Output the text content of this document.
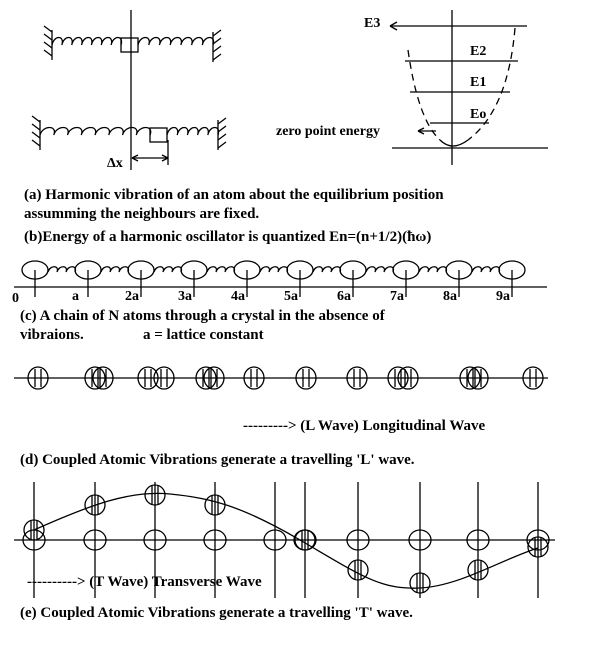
Δx
E3
E2
E1
Eo
zero point energy
0	a	2a	3a	4a	5a	6a	7a	8a	9a
(a) Harmonic vibration of an atom about the equilibrium position
assumming the neighbours are fixed.
(b)Energy of a harmonic oscillator is quantized En=(n+1/2)(ħω)
(c) A chain of N atoms through a crystal in the absence of
vibraions.	a = lattice constant
---------> (L Wave) Longitudinal Wave
(d) Coupled Atomic Vibrations generate a travelling 'L' wave.
----------> (T Wave) Transverse Wave
(e) Coupled Atomic Vibrations generate a travelling 'T' wave.
